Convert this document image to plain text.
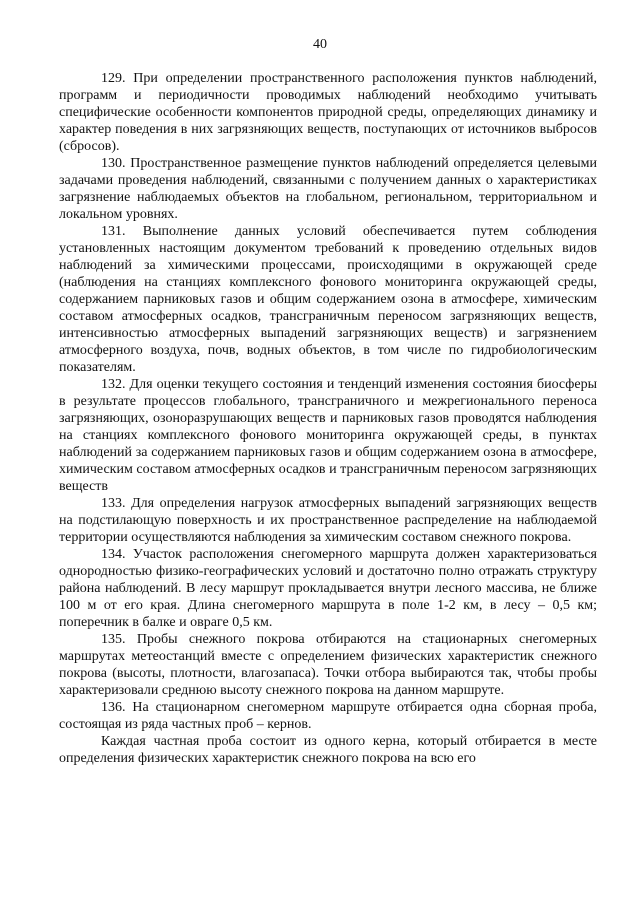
40

129. При определении пространственного расположения пунктов наблюдений, программ и периодичности проводимых наблюдений необходимо учитывать специфические особенности компонентов природной среды, определяющих динамику и характер поведения в них загрязняющих веществ, поступающих от источников выбросов (сбросов).

130. Пространственное размещение пунктов наблюдений определяется целевыми задачами проведения наблюдений, связанными с получением данных о характеристиках загрязнение наблюдаемых объектов на глобальном, региональном, территориальном и локальном уровнях.

131. Выполнение данных условий обеспечивается путем соблюдения установленных настоящим документом требований к проведению отдельных видов наблюдений за химическими процессами, происходящими в окружающей среде (наблюдения на станциях комплексного фонового мониторинга окружающей среды, содержанием парниковых газов и общим содержанием озона в атмосфере, химическим составом атмосферных осадков, трансграничным переносом загрязняющих веществ, интенсивностью атмосферных выпадений загрязняющих веществ) и загрязнением атмосферного воздуха, почв, водных объектов, в том числе по гидробиологическим показателям.

132. Для оценки текущего состояния и тенденций изменения состояния биосферы в результате процессов глобального, трансграничного и межрегионального переноса загрязняющих, озоноразрушающих веществ и парниковых газов проводятся наблюдения на станциях комплексного фонового мониторинга окружающей среды, в пунктах наблюдений за содержанием парниковых газов и общим содержанием озона в атмосфере, химическим составом атмосферных осадков и трансграничным переносом загрязняющих веществ

133. Для определения нагрузок атмосферных выпадений загрязняющих веществ на подстилающую поверхность и их пространственное распределение на наблюдаемой территории осуществляются наблюдения за химическим составом снежного покрова.

134. Участок расположения снегомерного маршрута должен характеризоваться однородностью физико-географических условий и достаточно полно отражать структуру района наблюдений. В лесу маршрут прокладывается внутри лесного массива, не ближе 100 м от его края. Длина снегомерного маршрута в поле 1-2 км, в лесу – 0,5 км; поперечник в балке и овраге 0,5 км.

135. Пробы снежного покрова отбираются на стационарных снегомерных маршрутах метеостанций вместе с определением физических характеристик снежного покрова (высоты, плотности, влагозапаса). Точки отбора выбираются так, чтобы пробы характеризовали среднюю высоту снежного покрова на данном маршруте.

136. На стационарном снегомерном маршруте отбирается одна сборная проба, состоящая из ряда частных проб – кернов.

Каждая частная проба состоит из одного керна, который отбирается в месте определения физических характеристик снежного покрова на всю его
